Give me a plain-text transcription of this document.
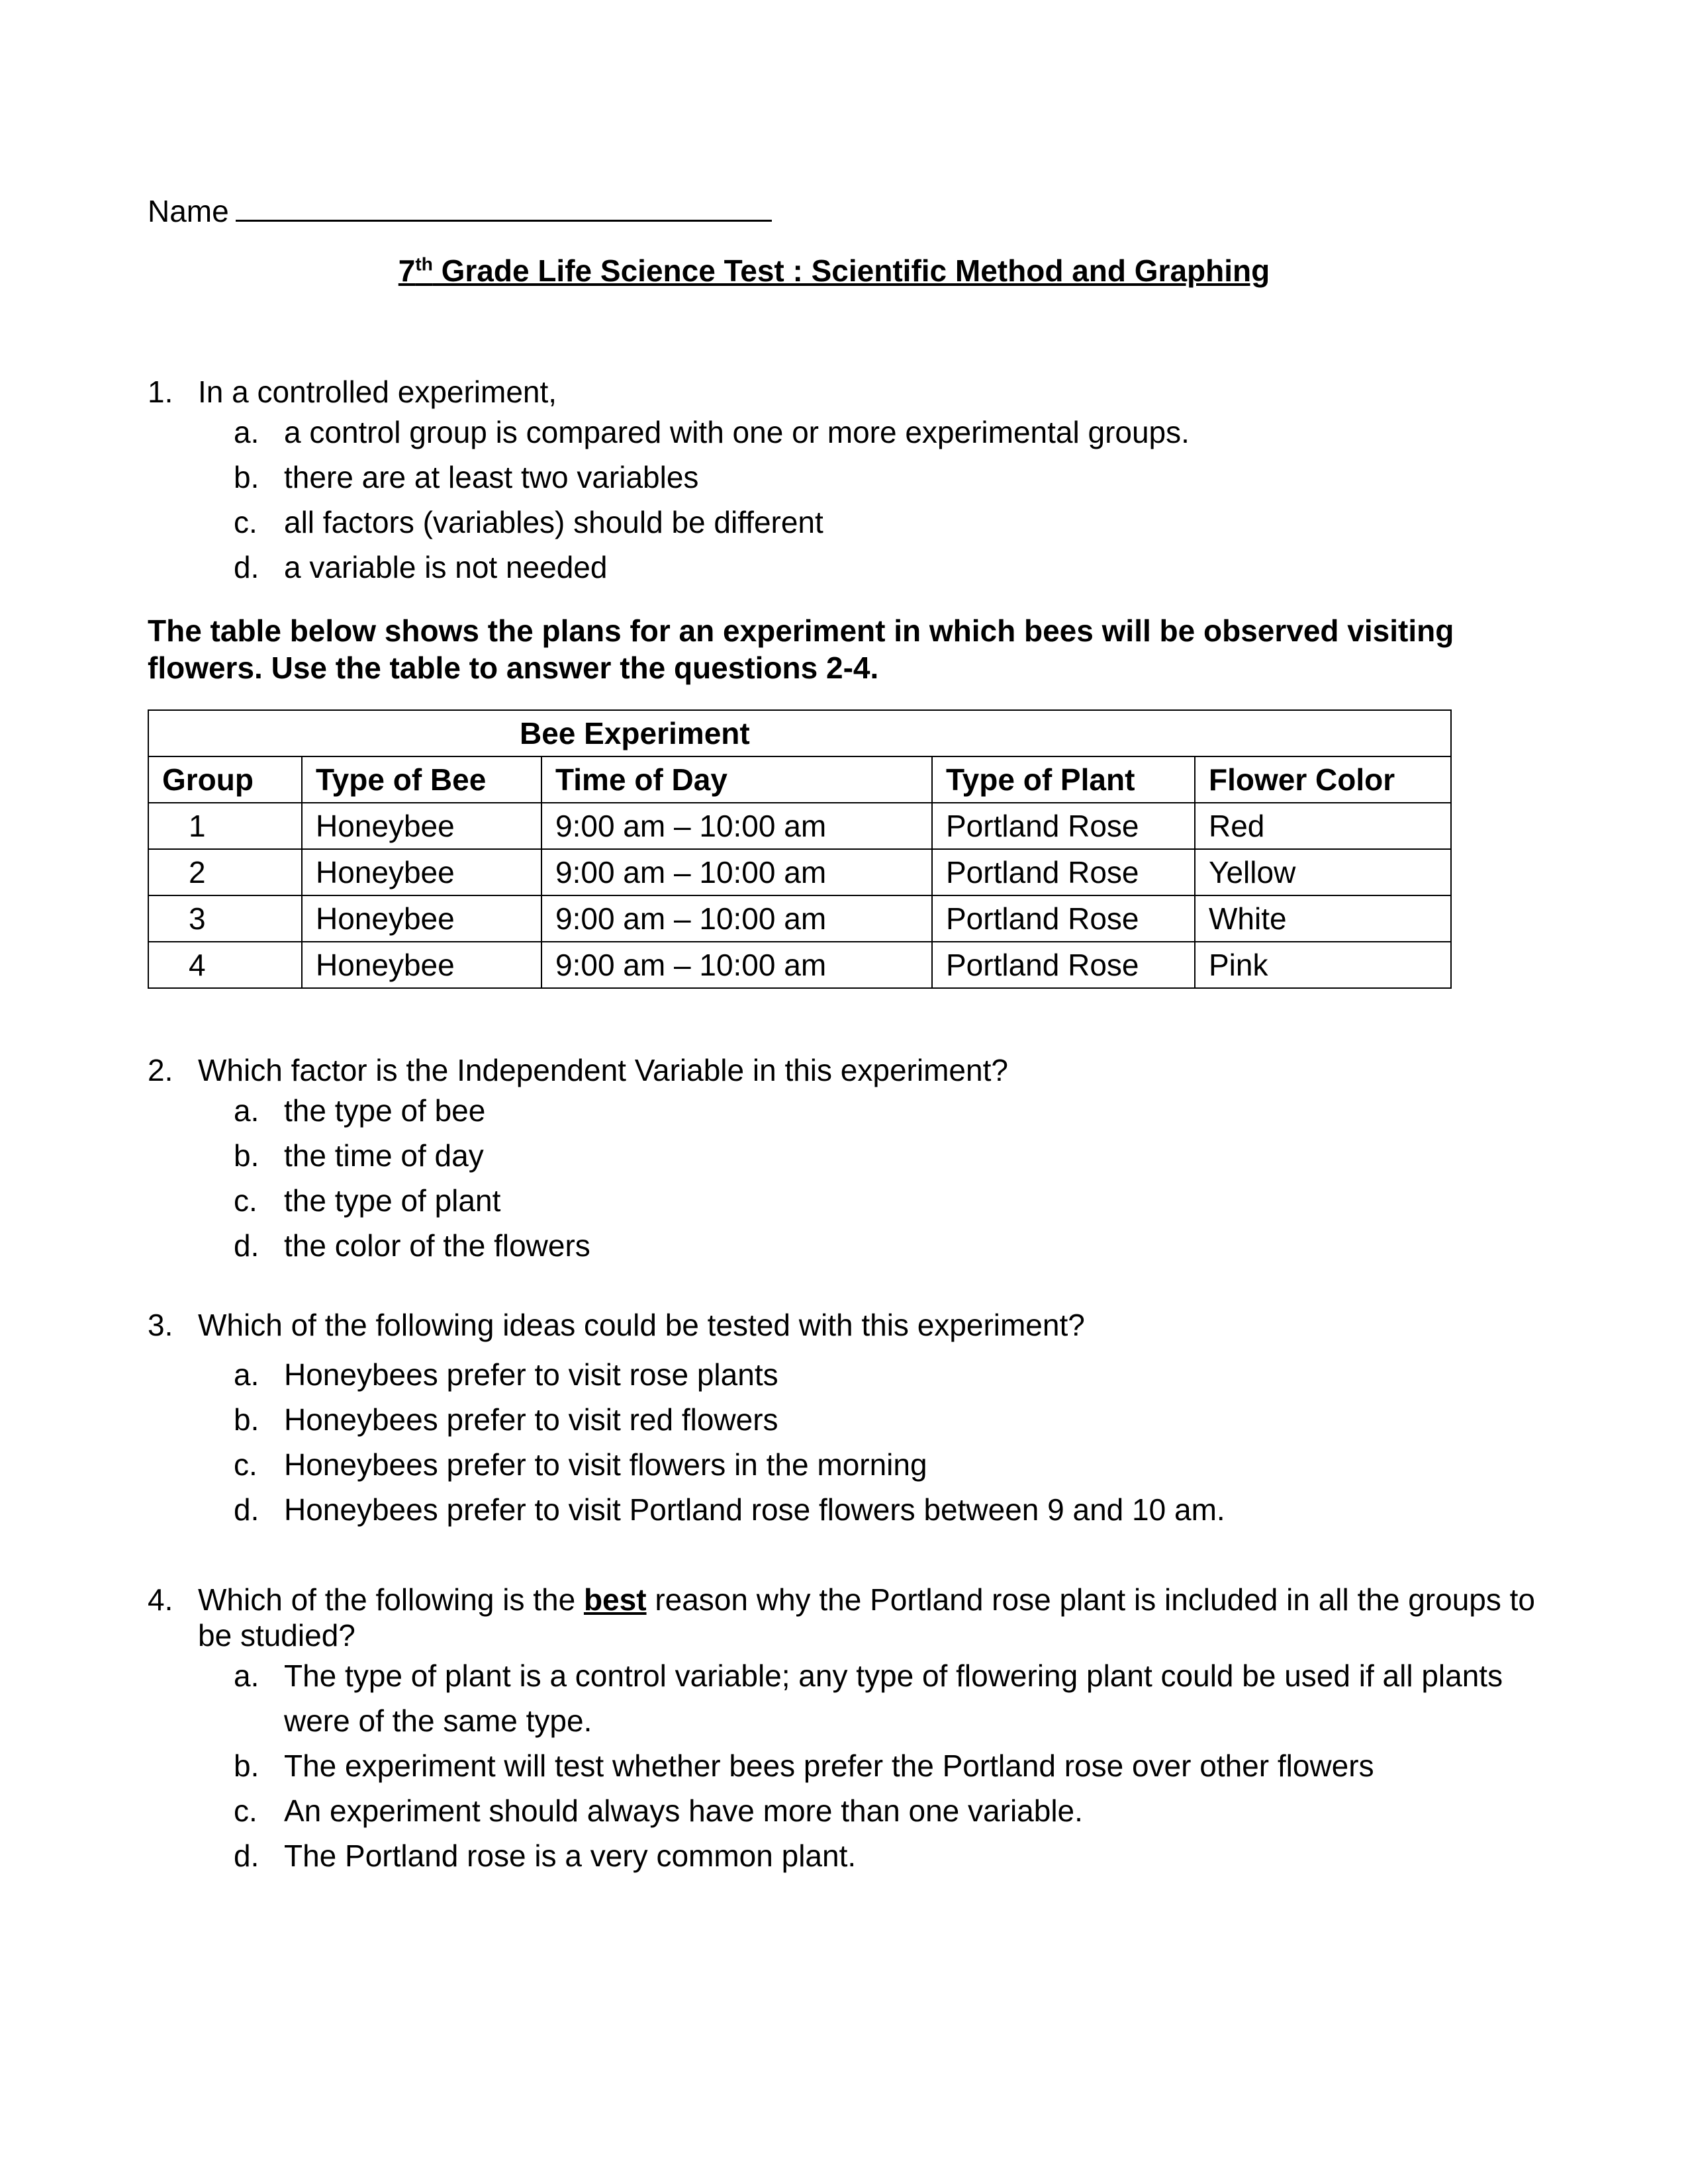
Name
7th Grade Life Science Test : Scientific Method and Graphing
1. In a controlled experiment,
a. a control group is compared with one or more experimental groups.
b. there are at least two variables
c. all factors (variables) should be different
d. a variable is not needed
The table below shows the plans for an experiment in which bees will be observed visiting flowers. Use the table to answer the questions 2-4.
Bee Experiment				
Group	Type of Bee	Time of Day	Type of Plant	Flower Color
1	Honeybee	9:00 am – 10:00 am	Portland Rose	Red
2	Honeybee	9:00 am – 10:00 am	Portland Rose	Yellow
3	Honeybee	9:00 am – 10:00 am	Portland Rose	White
4	Honeybee	9:00 am – 10:00 am	Portland Rose	Pink
2. Which factor is the Independent Variable in this experiment?
a. the type of bee
b. the time of day
c. the type of plant
d. the color of the flowers
3. Which of the following ideas could be tested with this experiment?
a. Honeybees prefer to visit rose plants
b. Honeybees prefer to visit red flowers
c. Honeybees prefer to visit flowers in the morning
d. Honeybees prefer to visit Portland rose flowers between 9 and 10 am.
4. Which of the following is the best reason why the Portland rose plant is included in all the groups to be studied?
a. The type of plant is a control variable; any type of flowering plant could be used if all plants were of the same type.
b. The experiment will test whether bees prefer the Portland rose over other flowers
c. An experiment should always have more than one variable.
d. The Portland rose is a very common plant.
